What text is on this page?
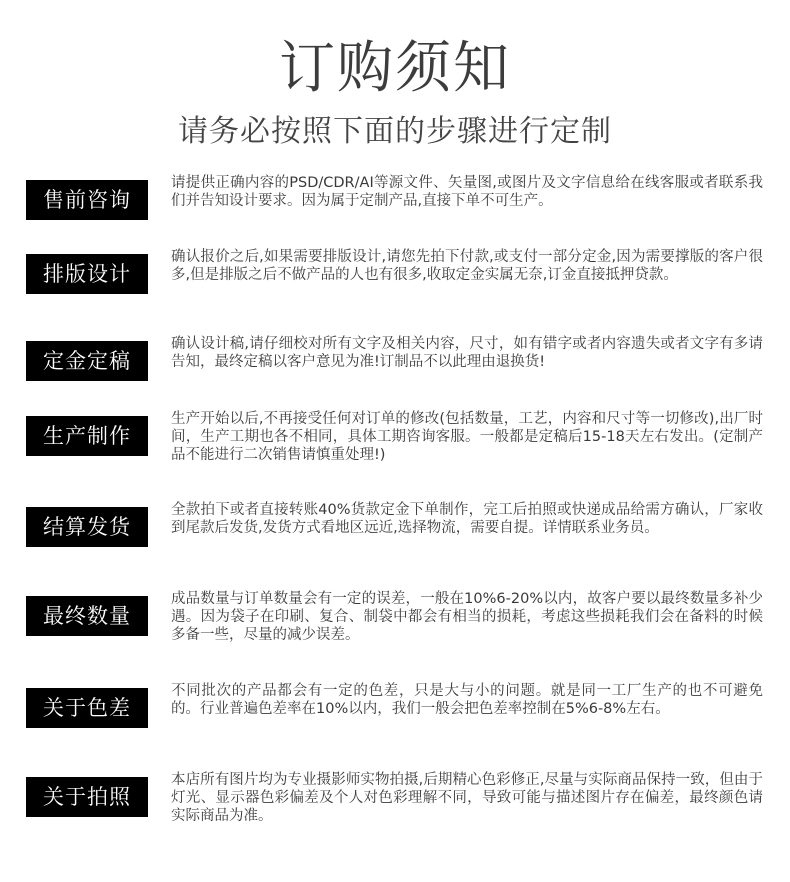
订购须知
请务必按照下面的步骤进行定制
售前咨询
请提供正确内容的PSD/CDR/AI等源文件、矢量图,或图片及文字信息给在线客服或者联系我们并告知设计要求。因为属于定制产品,直接下单不可生产。
排版设计
确认报价之后,如果需要排版设计,请您先拍下付款,或支付一部分定金,因为需要撑版的客户很多,但是排版之后不做产品的人也有很多,收取定金实属无奈,订金直接抵押贷款。
定金定稿
确认设计稿,请仔细校对所有文字及相关内容，尺寸，如有错字或者内容遗失或者文字有多请告知，最终定稿以客户意见为准!订制品不以此理由退换货!
生产制作
生产开始以后,不再接受任何对订单的修改(包括数量，工艺，内容和尺寸等一切修改),出厂时间，生产工期也各不相同，具体工期咨询客服。一般都是定稿后15-18天左右发出。(定制产品不能进行二次销售请慎重处理!)
结算发货
全款拍下或者直接转账40%货款定金下单制作，完工后拍照或快递成品给需方确认，厂家收到尾款后发货,发货方式看地区远近,选择物流，需要自提。详情联系业务员。
最终数量
成品数量与订单数量会有一定的误差，一般在10%6-20%以内，故客户要以最终数量多补少遇。因为袋子在印刷、复合、制袋中都会有相当的损耗，考虑这些损耗我们会在备料的时候多备一些，尽量的减少误差。
关于色差
不同批次的产品都会有一定的色差，只是大与小的问题。就是同一工厂生产的也不可避免的。行业普遍色差率在10%以内，我们一般会把色差率控制在5%6-8%左右。
关于拍照
本店所有图片均为专业摄影师实物拍摄,后期精心色彩修正,尽量与实际商品保持一致，但由于灯光、显示器色彩偏差及个人对色彩理解不同，导致可能与描述图片存在偏差，最终颜色请实际商品为准。
